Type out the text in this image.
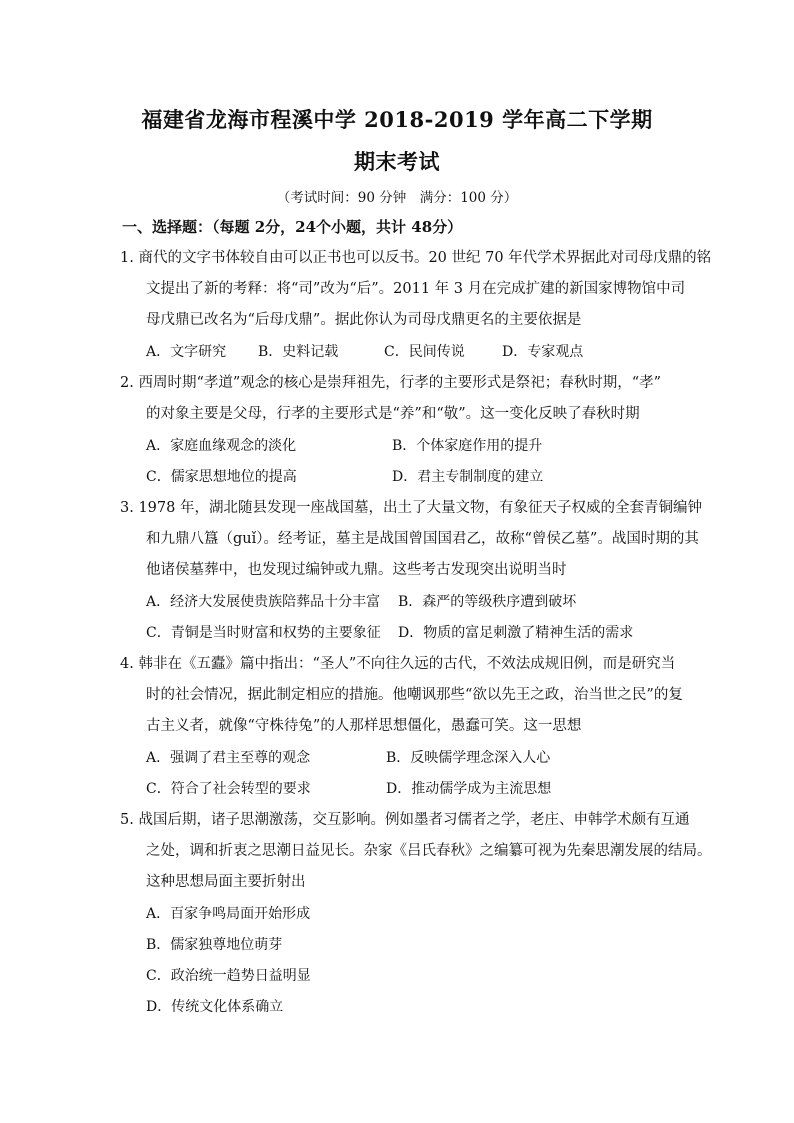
福建省龙海市程溪中学 2018-2019 学年高二下学期
期末考试
（考试时间：90 分钟　满分：100 分）
一、选择题：（每题 2分，24个小题，共计 48分）
1. 商代的文字书体较自由可以正书也可以反书。20 世纪 70 年代学术界据此对司母戊鼎的铭
文提出了新的考释：将“司”改为“后”。2011 年 3 月在完成扩建的新国家博物馆中司
母戊鼎已改名为“后母戊鼎”。据此你认为司母戊鼎更名的主要依据是
A．文字研究 B．史料记载	C．民间传说	D．专家观点
2. 西周时期“孝道”观念的核心是崇拜祖先，行孝的主要形式是祭祀；春秋时期，“孝”
的对象主要是父母，行孝的主要形式是“养”和“敬”。这一变化反映了春秋时期
A．家庭血缘观念的淡化	B．个体家庭作用的提升
C．儒家思想地位的提高	D．君主专制制度的建立
3. 1978 年，湖北随县发现一座战国墓，出土了大量文物，有象征天子权威的全套青铜编钟
和九鼎八簋（guǐ）。经考证，墓主是战国曾国国君乙，故称“曾侯乙墓”。战国时期的其
他诸侯墓葬中，也发现过编钟或九鼎。这些考古发现突出说明当时
A．经济大发展使贵族陪葬品十分丰富 B．森严的等级秩序遭到破坏
C．青铜是当时财富和权势的主要象征 D．物质的富足刺激了精神生活的需求
4. 韩非在《五蠹》篇中指出：“圣人”不向往久远的古代，不效法成规旧例，而是研究当
时的社会情况，据此制定相应的措施。他嘲讽那些“欲以先王之政，治当世之民”的复
古主义者，就像“守株待兔”的人那样思想僵化，愚蠢可笑。这一思想
A．强调了君主至尊的观念	B．反映儒学理念深入人心
C．符合了社会转型的要求	D．推动儒学成为主流思想
5. 战国后期，诸子思潮激荡，交互影响。例如墨者习儒者之学，老庄、申韩学术颇有互通
之处，调和折衷之思潮日益见长。杂家《吕氏春秋》之编纂可视为先秦思潮发展的结局。
这种思想局面主要折射出
A．百家争鸣局面开始形成
B．儒家独尊地位萌芽
C．政治统一趋势日益明显
D．传统文化体系确立
